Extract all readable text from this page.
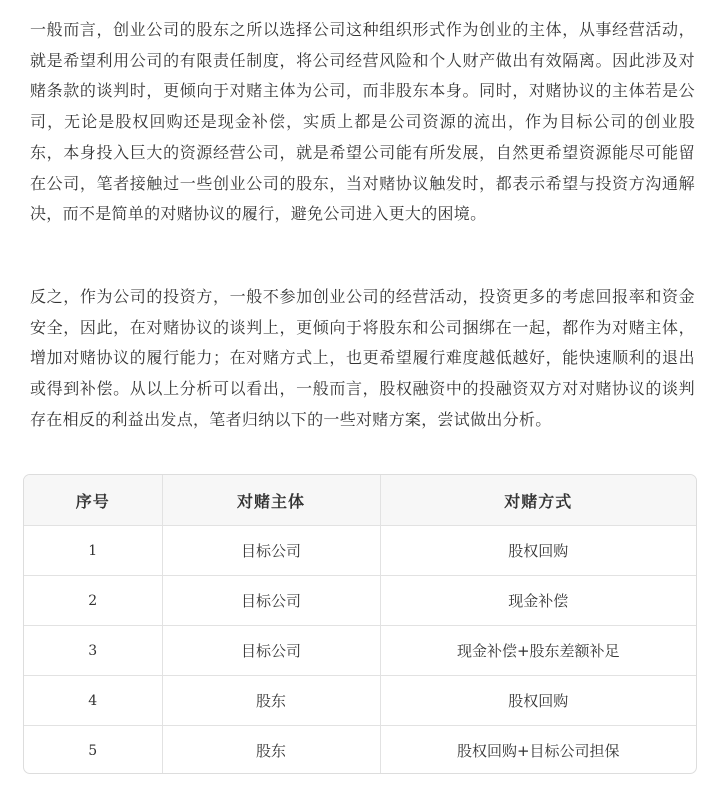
一般而言，创业公司的股东之所以选择公司这种组织形式作为创业的主体，从事经营活动，就是希望利用公司的有限责任制度，将公司经营风险和个人财产做出有效隔离。因此涉及对赌条款的谈判时，更倾向于对赌主体为公司，而非股东本身。同时，对赌协议的主体若是公司，无论是股权回购还是现金补偿，实质上都是公司资源的流出，作为目标公司的创业股东，本身投入巨大的资源经营公司，就是希望公司能有所发展，自然更希望资源能尽可能留在公司，笔者接触过一些创业公司的股东，当对赌协议触发时，都表示希望与投资方沟通解决，而不是简单的对赌协议的履行，避免公司进入更大的困境。

反之，作为公司的投资方，一般不参加创业公司的经营活动，投资更多的考虑回报率和资金安全，因此，在对赌协议的谈判上，更倾向于将股东和公司捆绑在一起，都作为对赌主体，增加对赌协议的履行能力；在对赌方式上，也更希望履行难度越低越好，能快速顺利的退出或得到补偿。从以上分析可以看出，一般而言，股权融资中的投融资双方对对赌协议的谈判存在相反的利益出发点，笔者归纳以下的一些对赌方案，尝试做出分析。

序号	对赌主体	对赌方式
1	目标公司	股权回购
2	目标公司	现金补偿
3	目标公司	现金补偿+股东差额补足
4	股东	股权回购
5	股东	股权回购+目标公司担保
